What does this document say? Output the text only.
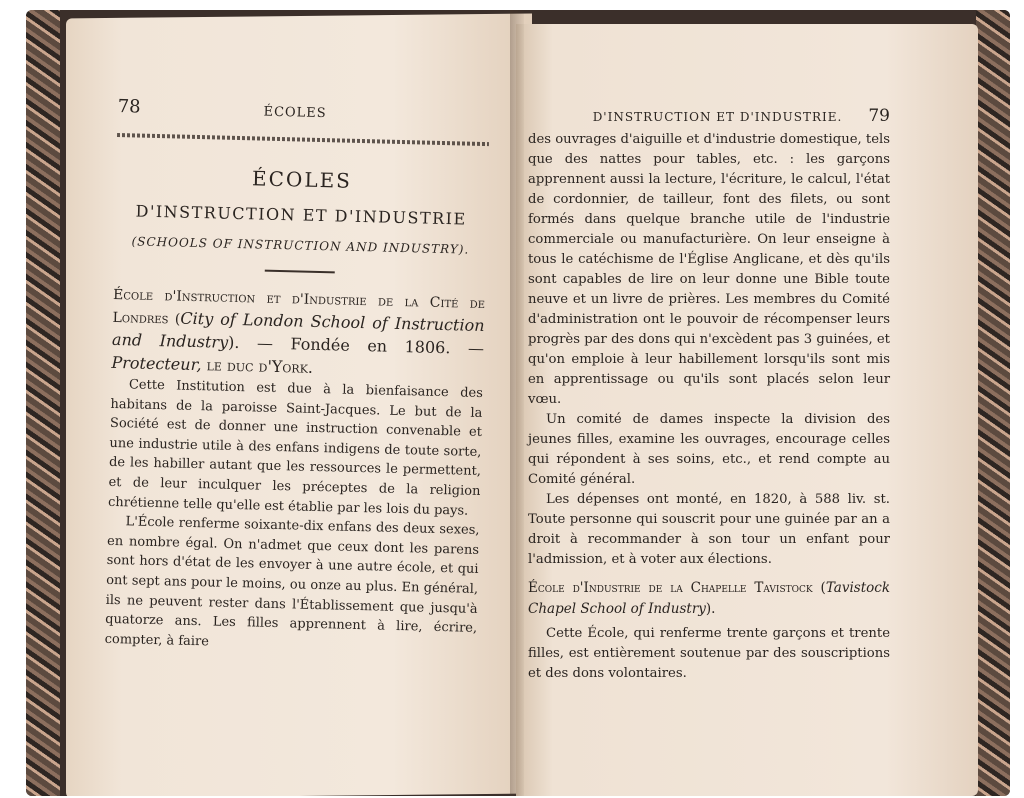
78	ÉCOLES
ÉCOLES
D'INSTRUCTION ET D'INDUSTRIE
(SCHOOLS OF INSTRUCTION AND INDUSTRY).
École d'Instruction et d'Industrie de la Cité de Londres (City of London School of Instruction and Industry). — Fondée en 1806. — Protecteur, le duc d'York.

Cette Institution est due à la bienfaisance des habitans de la paroisse Saint-Jacques. Le but de la Société est de donner une instruction convenable et une industrie utile à des enfans indigens de toute sorte, de les habiller autant que les ressources le permettent, et de leur inculquer les préceptes de la religion chrétienne telle qu'elle est établie par les lois du pays.

L'École renferme soixante-dix enfans des deux sexes, en nombre égal. On n'admet que ceux dont les parens sont hors d'état de les envoyer à une autre école, et qui ont sept ans pour le moins, ou onze au plus. En général, ils ne peuvent rester dans l'Établissement que jusqu'à quatorze ans. Les filles apprennent à lire, écrire, compter, à faire

D'INSTRUCTION ET D'INDUSTRIE. 79

des ouvrages d'aiguille et d'industrie domestique, tels que des nattes pour tables, etc. : les garçons apprennent aussi la lecture, l'écriture, le calcul, l'état de cordonnier, de tailleur, font des filets, ou sont formés dans quelque branche utile de l'industrie commerciale ou manufacturière. On leur enseigne à tous le catéchisme de l'Église Anglicane, et dès qu'ils sont capables de lire on leur donne une Bible toute neuve et un livre de prières. Les membres du Comité d'administration ont le pouvoir de récompenser leurs progrès par des dons qui n'excèdent pas 3 guinées, et qu'on emploie à leur habillement lorsqu'ils sont mis en apprentissage ou qu'ils sont placés selon leur vœu.

Un comité de dames inspecte la division des jeunes filles, examine les ouvrages, encourage celles qui répondent à ses soins, etc., et rend compte au Comité général.

Les dépenses ont monté, en 1820, à 588 liv. st. Toute personne qui souscrit pour une guinée par an a droit à recommander à son tour un enfant pour l'admission, et à voter aux élections.

École d'Industrie de la Chapelle Tavistock (Tavistock Chapel School of Industry).

Cette École, qui renferme trente garçons et trente filles, est entièrement soutenue par des souscriptions et des dons volontaires.
